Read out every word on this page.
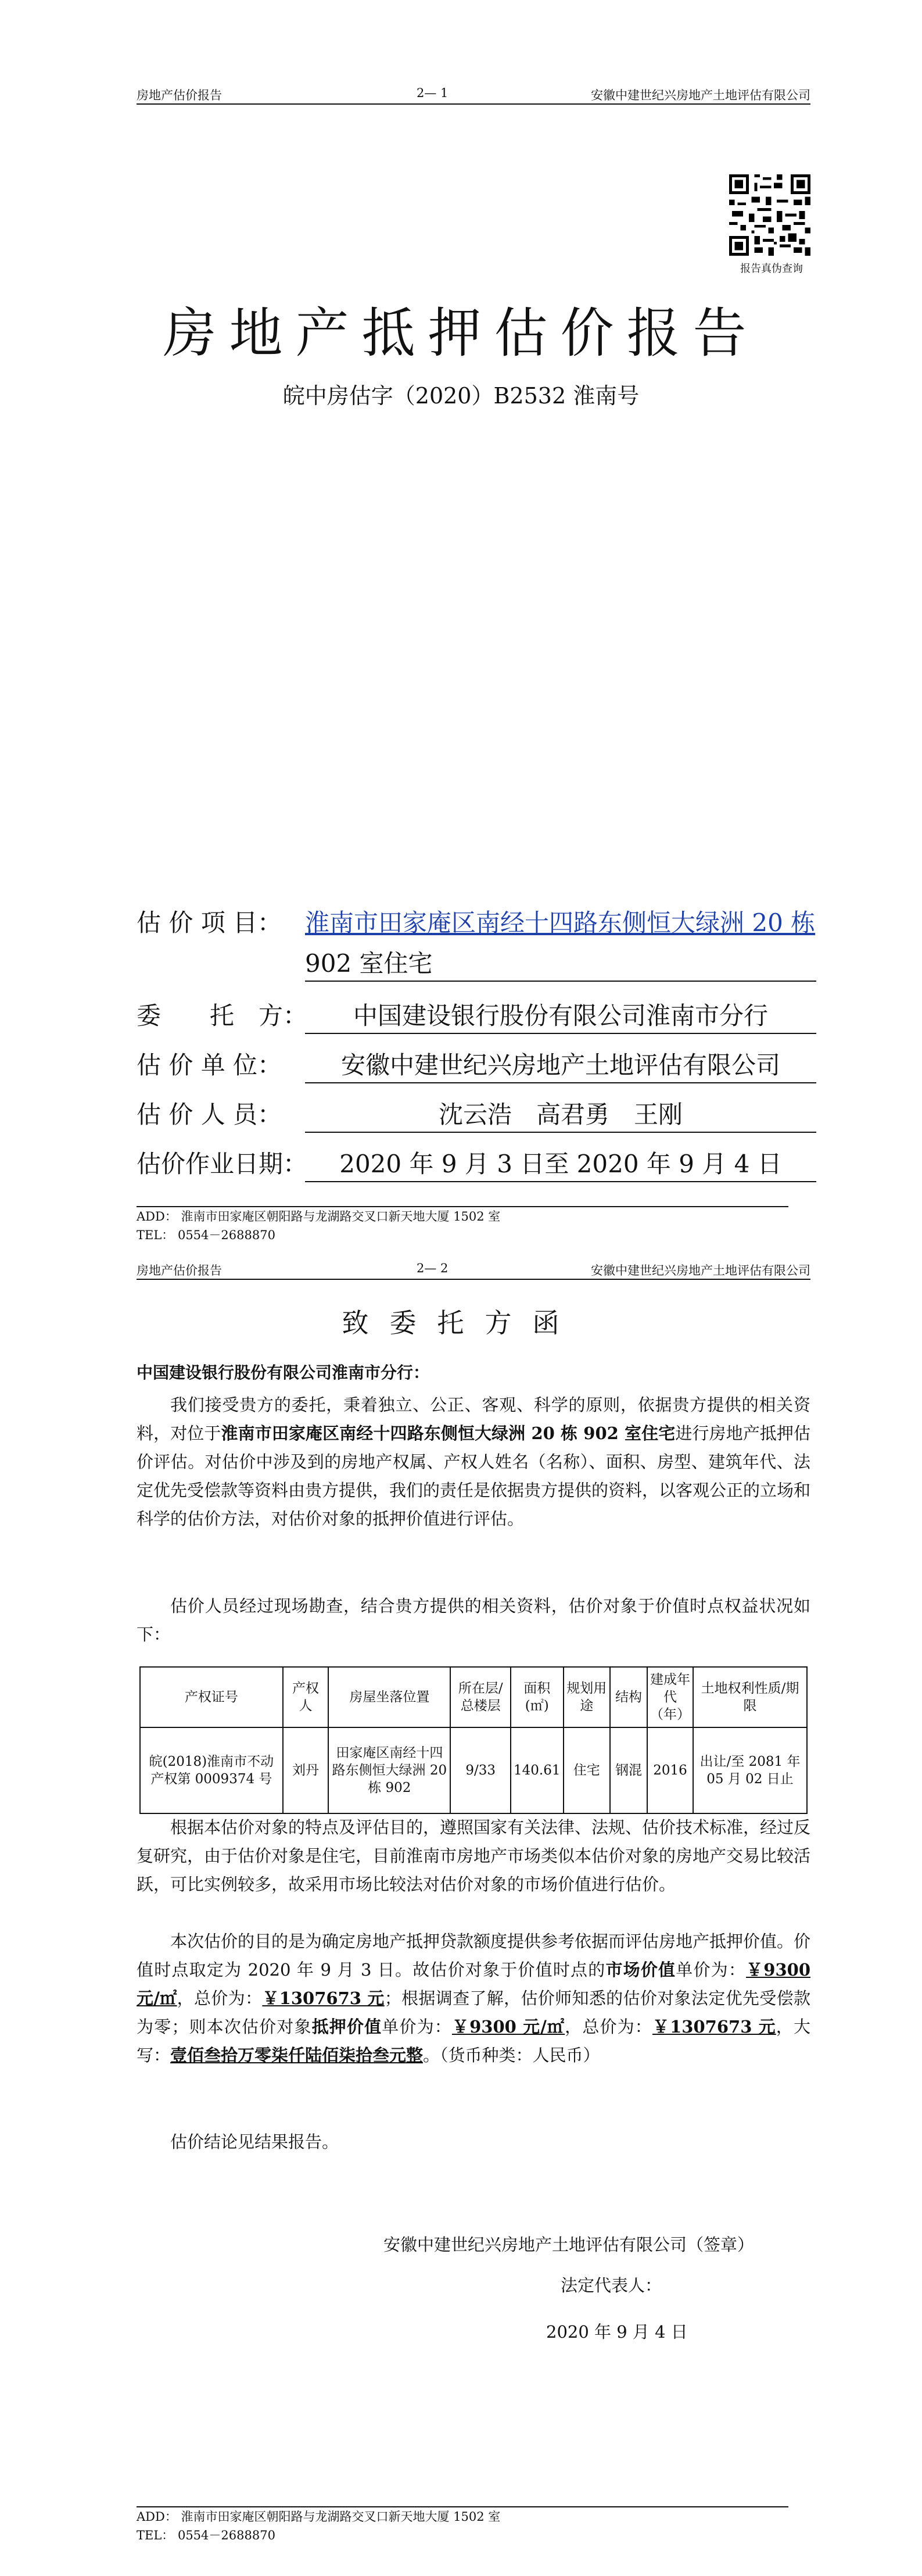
房地产估价报告	2— 1	安徽中建世纪兴房地产土地评估有限公司
报告真伪查询
房地产抵押估价报告
皖中房估字（2020）B2532 淮南号
估 价 项 目： 淮南市田家庵区南经十四路东侧恒大绿洲 20 栋
902 室住宅
委　　托　方：	中国建设银行股份有限公司淮南市分行
估 价 单 位：	安徽中建世纪兴房地产土地评估有限公司
估 价 人 员：	沈云浩　高君勇　王刚
估价作业日期：	2020 年 9 月 3 日至 2020 年 9 月 4 日

ADD： 淮南市田家庵区朝阳路与龙湖路交叉口新天地大厦 1502 室

TEL： 0554－2688870

房地产估价报告	2— 2	安徽中建世纪兴房地产土地评估有限公司
致委托方函
中国建设银行股份有限公司淮南市分行：
我们接受贵方的委托，秉着独立、公正、客观、科学的原则，依据贵方提供的相关资料，对位于淮南市田家庵区南经十四路东侧恒大绿洲 20 栋 902 室住宅进行房地产抵押估价评估。对估价中涉及到的房地产权属、产权人姓名（名称）、面积、房型、建筑年代、法定优先受偿款等资料由贵方提供，我们的责任是依据贵方提供的资料，以客观公正的立场和科学的估价方法，对估价对象的抵押价值进行评估。
估价人员经过现场勘查，结合贵方提供的相关资料，估价对象于价值时点权益状况如下：
产权证号	产权人	房屋坐落位置	所在层/总楼层	面积(㎡)	规划用途	结构	建成年代（年）	土地权利性质/期限
皖(2018)淮南市不动产权第 0009374 号	刘丹	田家庵区南经十四路东侧恒大绿洲 20 栋 902	9/33	140.61	住宅	钢混	2016	出让/至 2081 年 05 月 02 日止
根据本估价对象的特点及评估目的，遵照国家有关法律、法规、估价技术标准，经过反复研究，由于估价对象是住宅，目前淮南市房地产市场类似本估价对象的房地产交易比较活跃，可比实例较多，故采用市场比较法对估价对象的市场价值进行估价。
本次估价的目的是为确定房地产抵押贷款额度提供参考依据而评估房地产抵押价值。价值时点取定为 2020 年 9 月 3 日。故估价对象于价值时点的市场价值单价为：￥9300 元/㎡，总价为：￥1307673 元；根据调查了解，估价师知悉的估价对象法定优先受偿款为零；则本次估价对象抵押价值单价为：￥9300 元/㎡，总价为：￥1307673 元，大写：壹佰叁拾万零柒仟陆佰柒拾叁元整。（货币种类：人民币）
估价结论见结果报告。
安徽中建世纪兴房地产土地评估有限公司（签章）
法定代表人：
2020 年 9 月 4 日

ADD： 淮南市田家庵区朝阳路与龙湖路交叉口新天地大厦 1502 室

TEL： 0554－2688870
